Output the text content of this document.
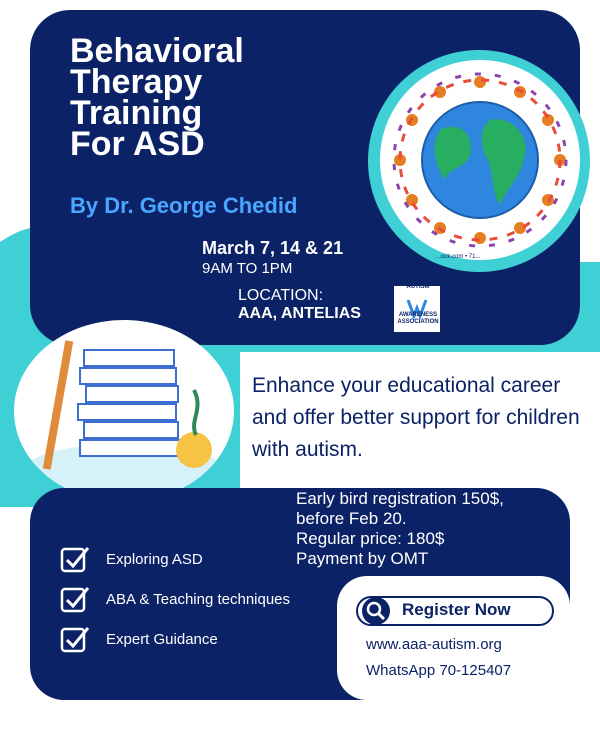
...ock.com • 71...
Behavioral
Therapy
Training
For ASD
By Dr. George Chedid
March 7, 14 & 21
9AM TO 1PM
LOCATION:
AAA, ANTELIAS
AUTISM

AWARENESS ASSOCIATION
Enhance your educational career and offer better support for children with autism.
Early bird registration 150$,
before Feb 20.
Regular price: 180$
Payment by OMT
Exploring ASD
ABA & Teaching techniques
Expert Guidance
Register Now
www.aaa-autism.org
WhatsApp 70-125407
